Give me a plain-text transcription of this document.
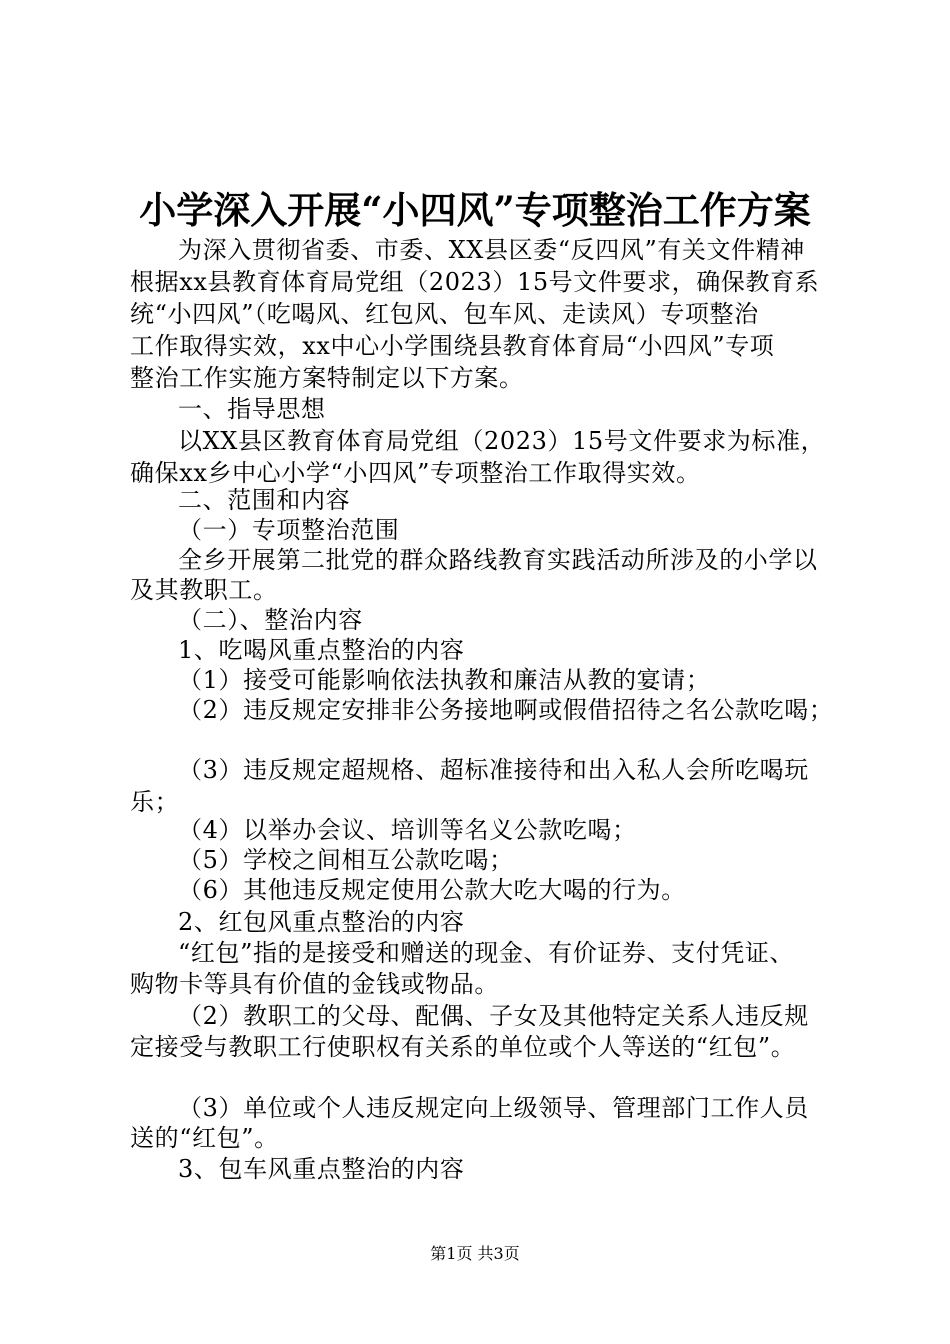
小学深入开展“小四风”专项整治工作方案
为深入贯彻省委、市委、XX县区委“反四风”有关文件精神
根据xx县教育体育局党组（2023）15号文件要求，确保教育系
统“小四风”（吃喝风、红包风、包车风、走读风）专项整治
工作取得实效，xx中心小学围绕县教育体育局“小四风”专项
整治工作实施方案特制定以下方案。
一、指导思想
以XX县区教育体育局党组（2023）15号文件要求为标准，
确保xx乡中心小学“小四风”专项整治工作取得实效。
二、范围和内容
（一）专项整治范围
全乡开展第二批党的群众路线教育实践活动所涉及的小学以
及其教职工。
（二）、整治内容
1、吃喝风重点整治的内容
（1）接受可能影响依法执教和廉洁从教的宴请；
（2）违反规定安排非公务接地啊或假借招待之名公款吃喝；
（3）违反规定超规格、超标准接待和出入私人会所吃喝玩
乐；
（4）以举办会议、培训等名义公款吃喝；
（5）学校之间相互公款吃喝；
（6）其他违反规定使用公款大吃大喝的行为。
2、红包风重点整治的内容
“红包”指的是接受和赠送的现金、有价证券、支付凭证、
购物卡等具有价值的金钱或物品。
（2）教职工的父母、配偶、子女及其他特定关系人违反规
定接受与教职工行使职权有关系的单位或个人等送的“红包”。
（3）单位或个人违反规定向上级领导、管理部门工作人员
送的“红包”。
3、包车风重点整治的内容
第1页 共3页
